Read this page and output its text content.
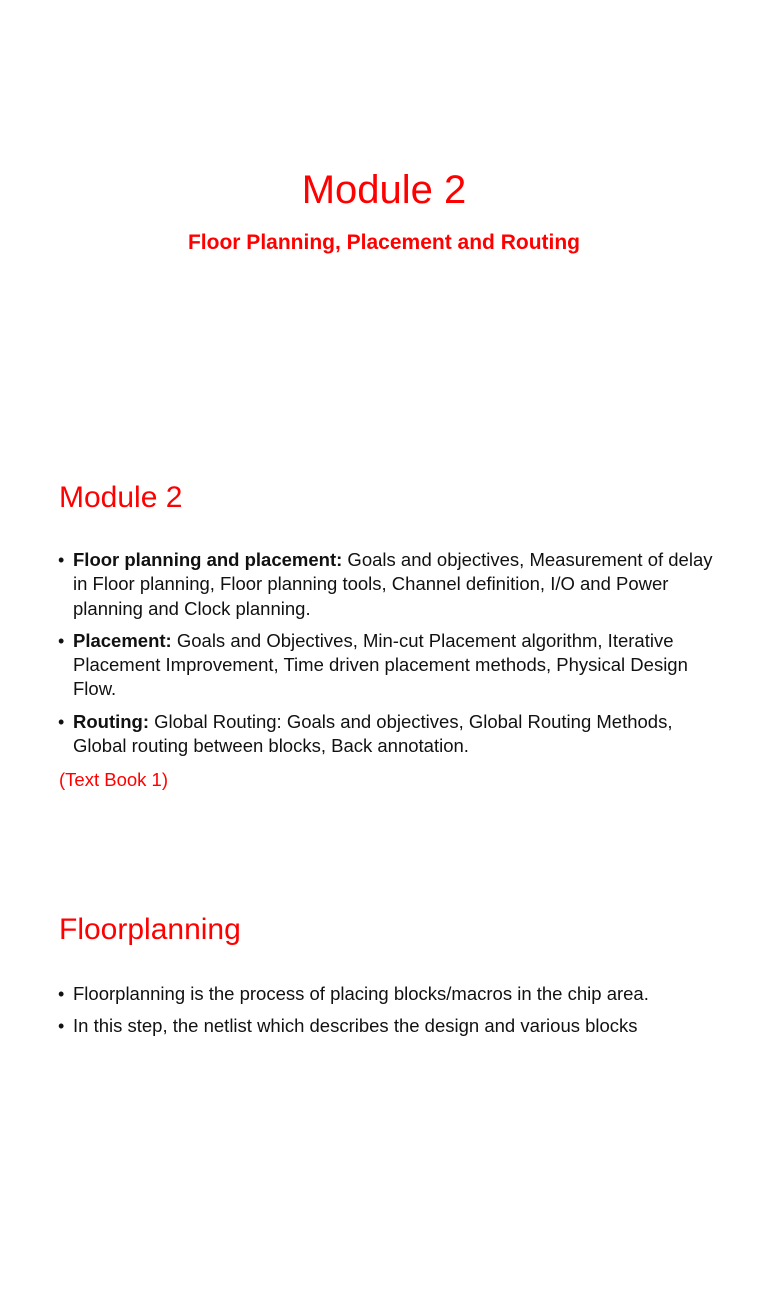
Module 2
Floor Planning, Placement and Routing
Module 2
• Floor planning and placement: Goals and objectives, Measurement of delay in Floor planning, Floor planning tools, Channel definition, I/O and Power planning and Clock planning.
• Placement: Goals and Objectives, Min-cut Placement algorithm, Iterative Placement Improvement, Time driven placement methods, Physical Design Flow.
• Routing: Global Routing: Goals and objectives, Global Routing Methods, Global routing between blocks, Back annotation.
(Text Book 1)
Floorplanning
• Floorplanning is the process of placing blocks/macros in the chip area.
• In this step, the netlist which describes the design and various blocks
